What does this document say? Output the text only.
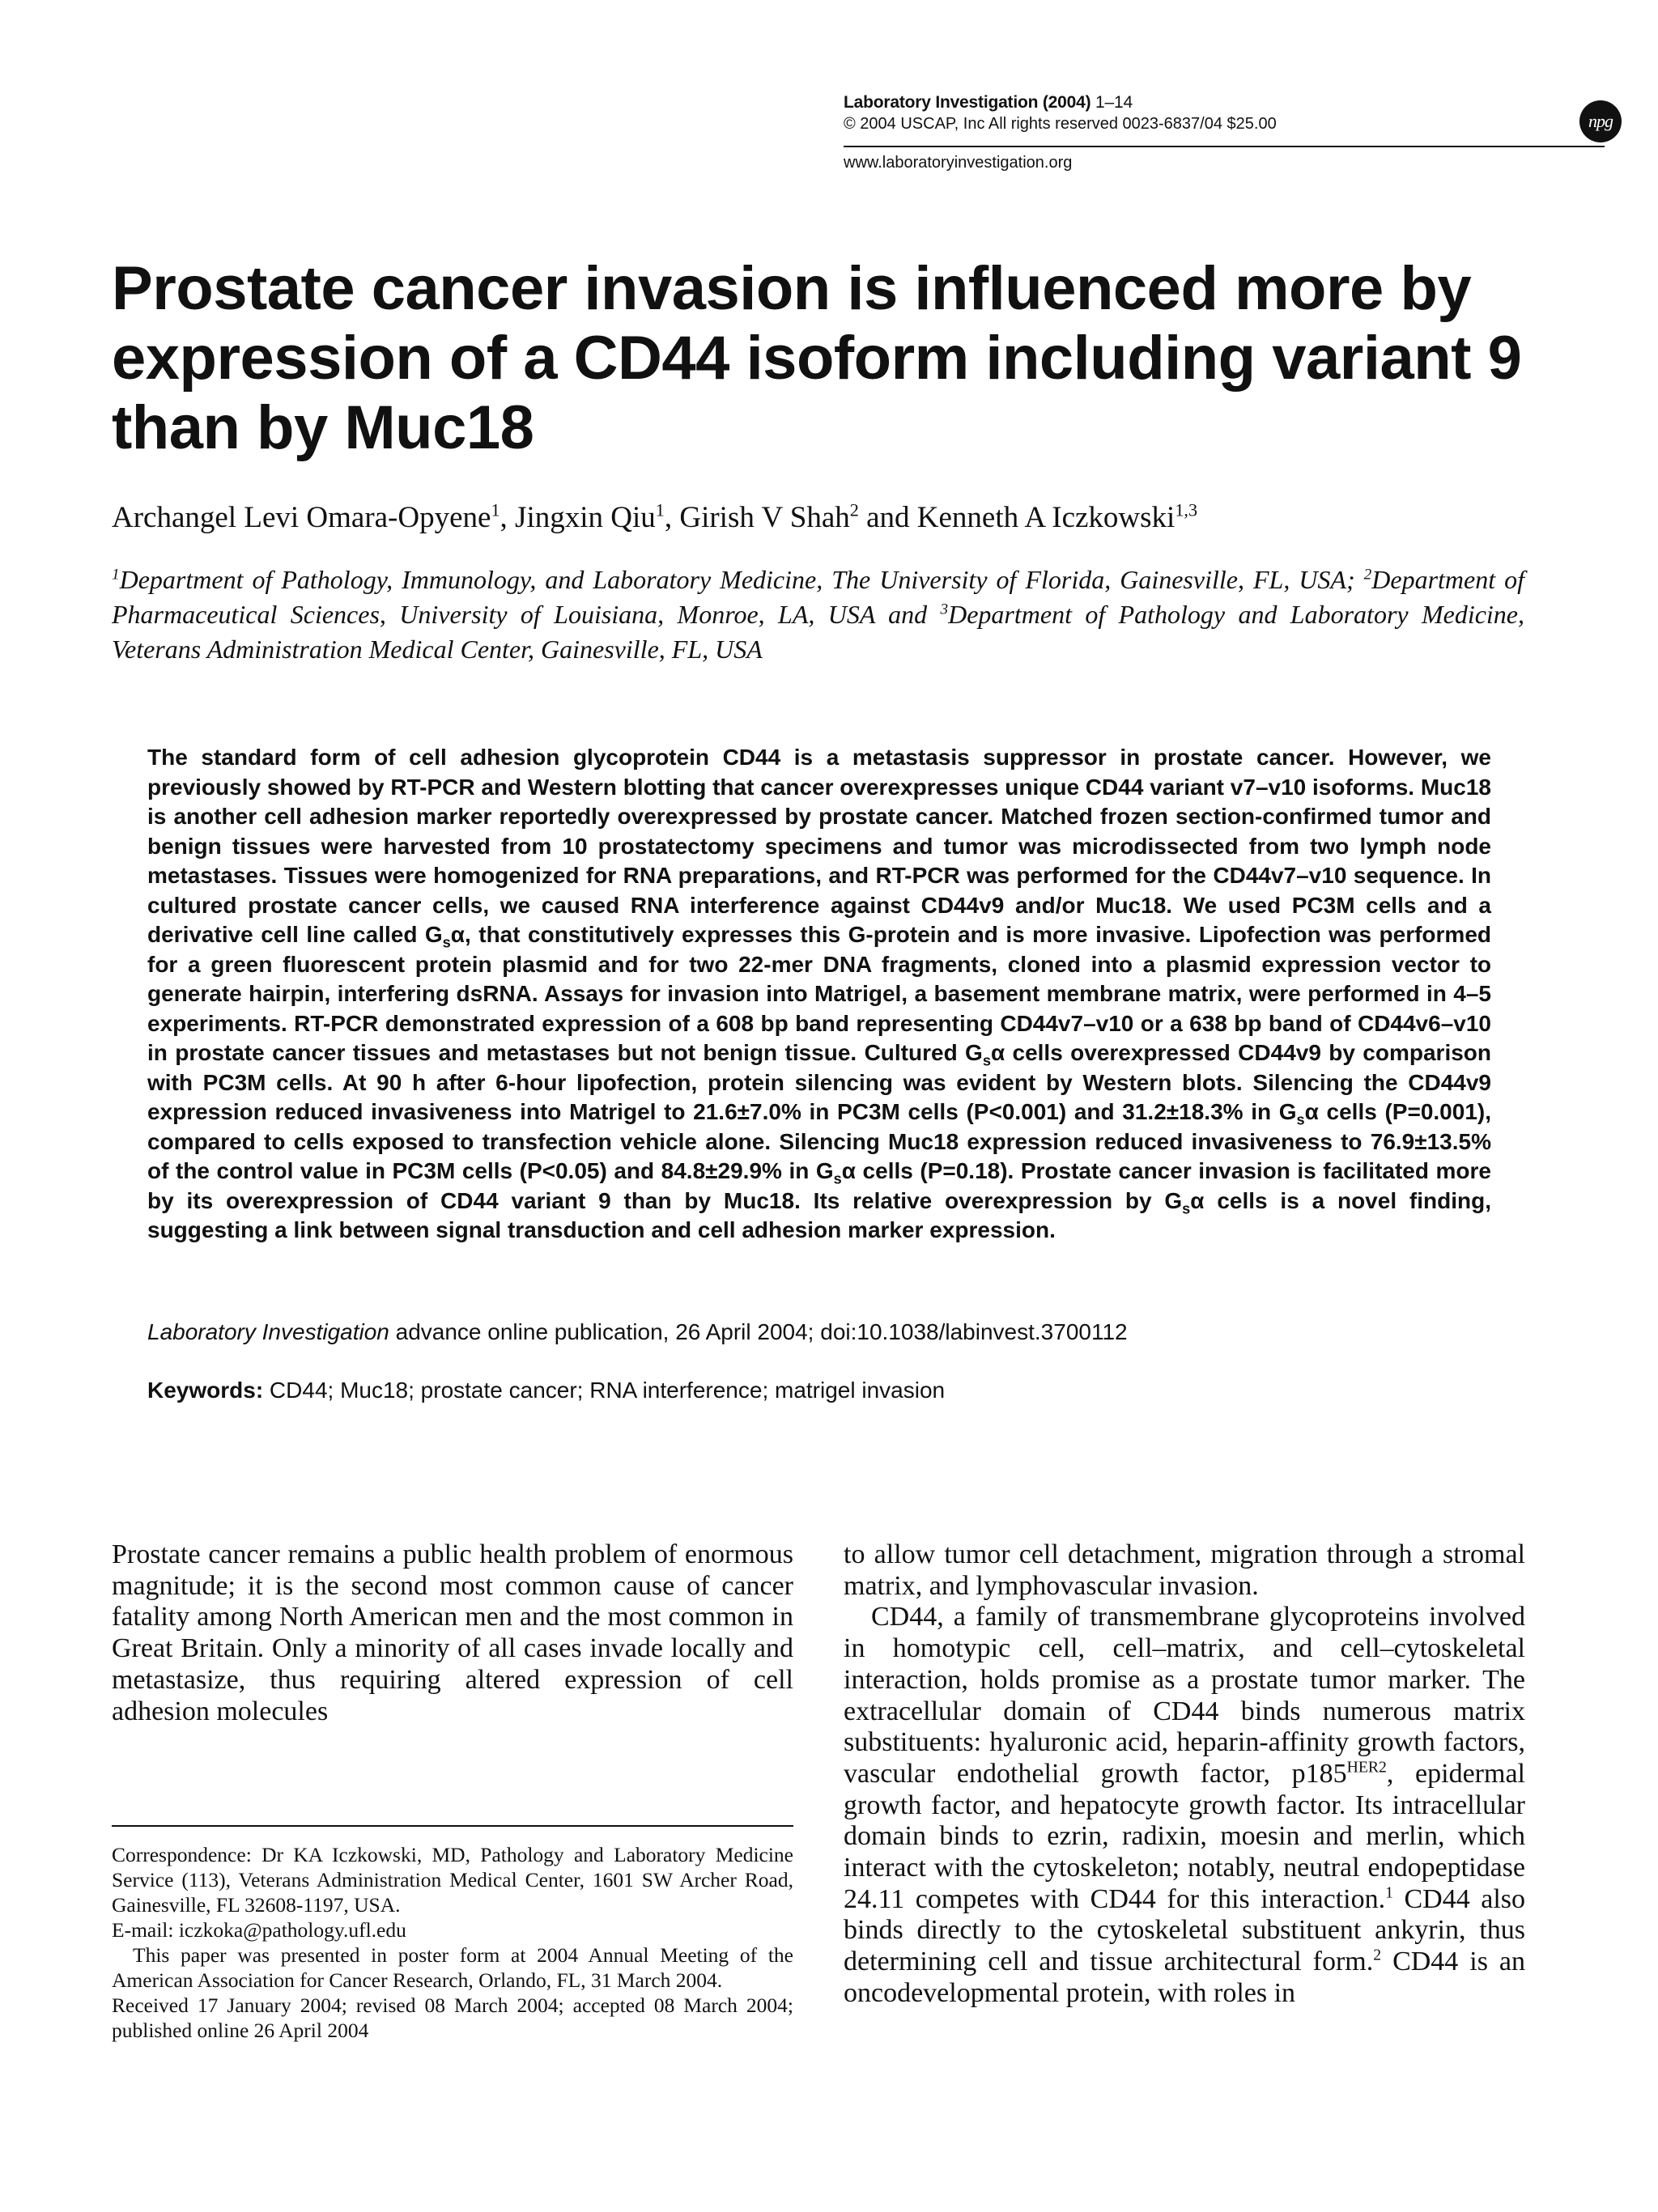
Laboratory Investigation (2004) 1–14
© 2004 USCAP, Inc All rights reserved 0023-6837/04 $25.00
www.laboratoryinvestigation.org
npg
Prostate cancer invasion is influenced more by expression of a CD44 isoform including variant 9 than by Muc18
Archangel Levi Omara-Opyene$^1$, Jingxin Qiu$^1$, Girish V Shah$^2$ and Kenneth A Iczkowski$^{1,3}$
$^1$Department of Pathology, Immunology, and Laboratory Medicine, The University of Florida, Gainesville, FL, USA; $^2$Department of Pharmaceutical Sciences, University of Louisiana, Monroe, LA, USA and $^3$Department of Pathology and Laboratory Medicine, Veterans Administration Medical Center, Gainesville, FL, USA

The standard form of cell adhesion glycoprotein CD44 is a metastasis suppressor in prostate cancer. However, we previously showed by RT-PCR and Western blotting that cancer overexpresses unique CD44 variant v7–v10 isoforms. Muc18 is another cell adhesion marker reportedly overexpressed by prostate cancer. Matched frozen section-confirmed tumor and benign tissues were harvested from 10 prostatectomy specimens and tumor was microdissected from two lymph node metastases. Tissues were homogenized for RNA preparations, and RT-PCR was performed for the CD44v7–v10 sequence. In cultured prostate cancer cells, we caused RNA interference against CD44v9 and/or Muc18. We used PC3M cells and a derivative cell line called $G_s\alpha$, that constitutively expresses this G-protein and is more invasive. Lipofection was performed for a green fluorescent protein plasmid and for two 22-mer DNA fragments, cloned into a plasmid expression vector to generate hairpin, interfering dsRNA. Assays for invasion into Matrigel, a basement membrane matrix, were performed in 4–5 experiments. RT-PCR demonstrated expression of a 608 bp band representing CD44v7–v10 or a 638 bp band of CD44v6–v10 in prostate cancer tissues and metastases but not benign tissue. Cultured $G_s\alpha$ cells overexpressed CD44v9 by comparison with PC3M cells. At 90 h after 6-hour lipofection, protein silencing was evident by Western blots. Silencing the CD44v9 expression reduced invasiveness into Matrigel to 21.6±7.0% in PC3M cells (P<0.001) and 31.2±18.3% in $G_s\alpha$ cells (P=0.001), compared to cells exposed to transfection vehicle alone. Silencing Muc18 expression reduced invasiveness to 76.9±13.5% of the control value in PC3M cells (P<0.05) and 84.8±29.9% in $G_s\alpha$ cells (P=0.18). Prostate cancer invasion is facilitated more by its overexpression of CD44 variant 9 than by Muc18. Its relative overexpression by $G_s\alpha$ cells is a novel finding, suggesting a link between signal transduction and cell adhesion marker expression.

Laboratory Investigation advance online publication, 26 April 2004; doi:10.1038/labinvest.3700112
Keywords: CD44; Muc18; prostate cancer; RNA interference; matrigel invasion

Prostate cancer remains a public health problem of enormous magnitude; it is the second most common cause of cancer fatality among North American men and the most common in Great Britain. Only a minority of all cases invade locally and metastasize, thus requiring altered expression of cell adhesion molecules

Correspondence: Dr KA Iczkowski, MD, Pathology and Laboratory Medicine Service (113), Veterans Administration Medical Center, 1601 SW Archer Road, Gainesville, FL 32608-1197, USA.

E-mail: iczkoka@pathology.ufl.edu

This paper was presented in poster form at 2004 Annual Meeting of the American Association for Cancer Research, Orlando, FL, 31 March 2004.

Received 17 January 2004; revised 08 March 2004; accepted 08 March 2004; published online 26 April 2004

to allow tumor cell detachment, migration through a stromal matrix, and lymphovascular invasion.

CD44, a family of transmembrane glycoproteins involved in homotypic cell, cell–matrix, and cell–cytoskeletal interaction, holds promise as a prostate tumor marker. The extracellular domain of CD44 binds numerous matrix substituents: hyaluronic acid, heparin-affinity growth factors, vascular endothelial growth factor, $p185^{HER2}$, epidermal growth factor, and hepatocyte growth factor. Its intracellular domain binds to ezrin, radixin, moesin and merlin, which interact with the cytoskeleton; notably, neutral endopeptidase 24.11 competes with CD44 for this interaction.$^1$ CD44 also binds directly to the cytoskeletal substituent ankyrin, thus determining cell and tissue architectural form.$^2$ CD44 is an oncodevelopmental protein, with roles in
